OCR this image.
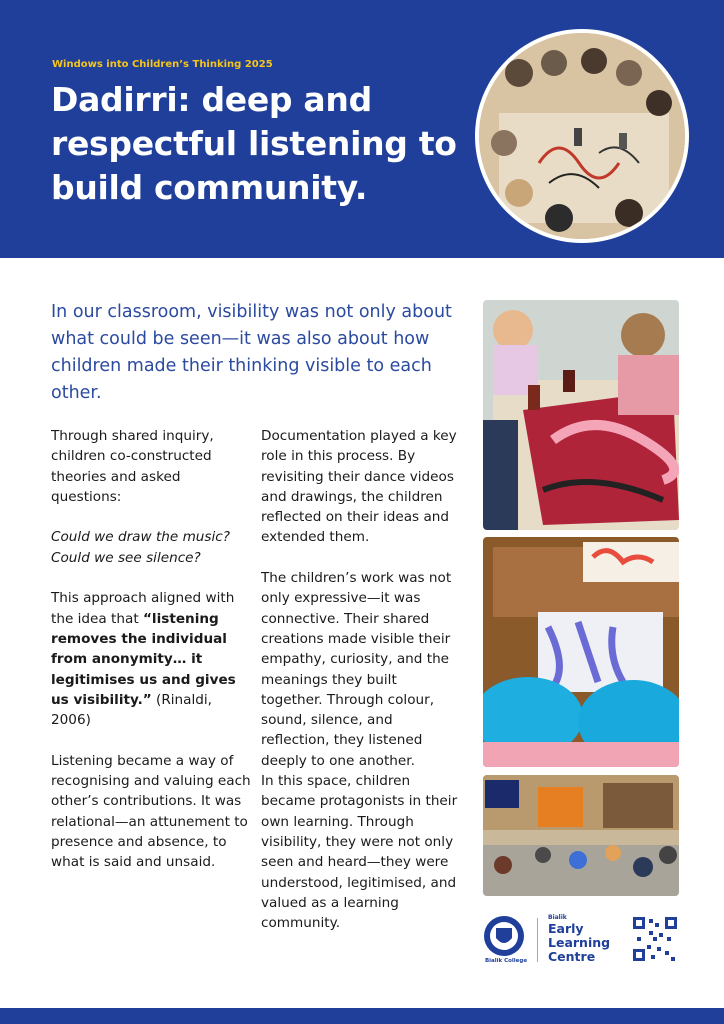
Windows into Children’s Thinking 2025
Dadirri: deep and respectful listening to build community.
In our classroom, visibility was not only about what could be seen—it was also about how children made their thinking visible to each other.

Through shared inquiry, children co-constructed theories and asked questions:

Could we draw the music? Could we see silence?

This approach aligned with the idea that “listening removes the individual from anonymity… it legitimises us and gives us visibility.” (Rinaldi, 2006)

Listening became a way of recognising and valuing each other’s contributions. It was relational—an attunement to presence and absence, to what is said and unsaid.

Documentation played a key role in this process. By revisiting their dance videos and drawings, the children reflected on their ideas and extended them.

The children’s work was not only expressive—it was connective. Their shared creations made visible their empathy, curiosity, and the meanings they built together. Through colour, sound, silence, and reflection, they listened deeply to one another.

In this space, children became protagonists in their own learning. Through visibility, they were not only seen and heard—they were understood, legitimised, and valued as a learning community.

Bialik College
Bialik
Early
Learning
Centre
